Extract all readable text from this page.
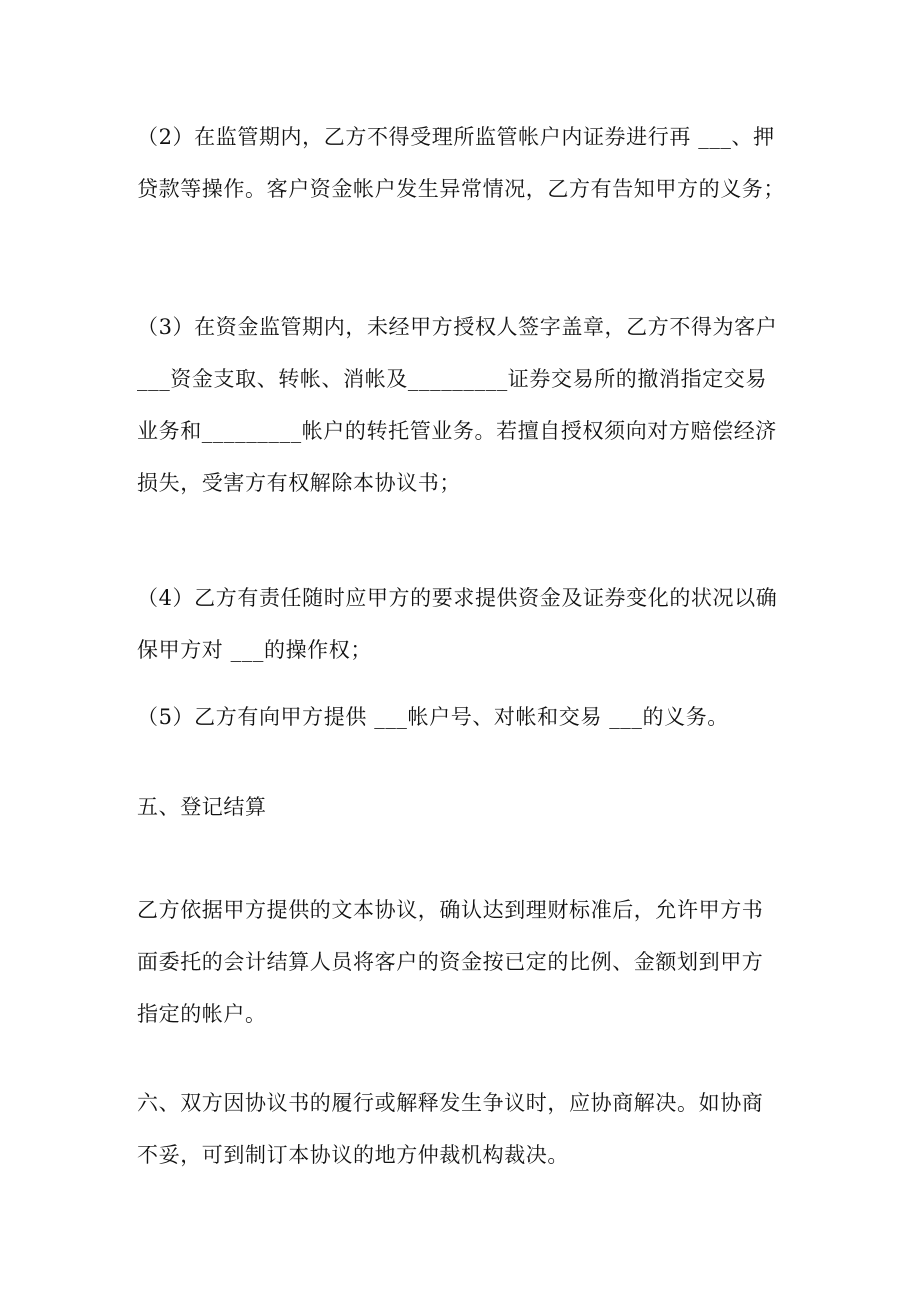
（2）在监管期内，乙方不得受理所监管帐户内证券进行再 ___、押
贷款等操作。客户资金帐户发生异常情况，乙方有告知甲方的义务；
（3）在资金监管期内，未经甲方授权人签字盖章，乙方不得为客户
___资金支取、转帐、消帐及_________证券交易所的撤消指定交易
业务和_________帐户的转托管业务。若擅自授权须向对方赔偿经济
损失，受害方有权解除本协议书；
（4）乙方有责任随时应甲方的要求提供资金及证券变化的状况以确
保甲方对 ___的操作权；
（5）乙方有向甲方提供 ___帐户号、对帐和交易 ___的义务。
五、登记结算
乙方依据甲方提供的文本协议，确认达到理财标准后，允许甲方书
面委托的会计结算人员将客户的资金按已定的比例、金额划到甲方
指定的帐户。
六、双方因协议书的履行或解释发生争议时，应协商解决。如协商
不妥，可到制订本协议的地方仲裁机构裁决。
